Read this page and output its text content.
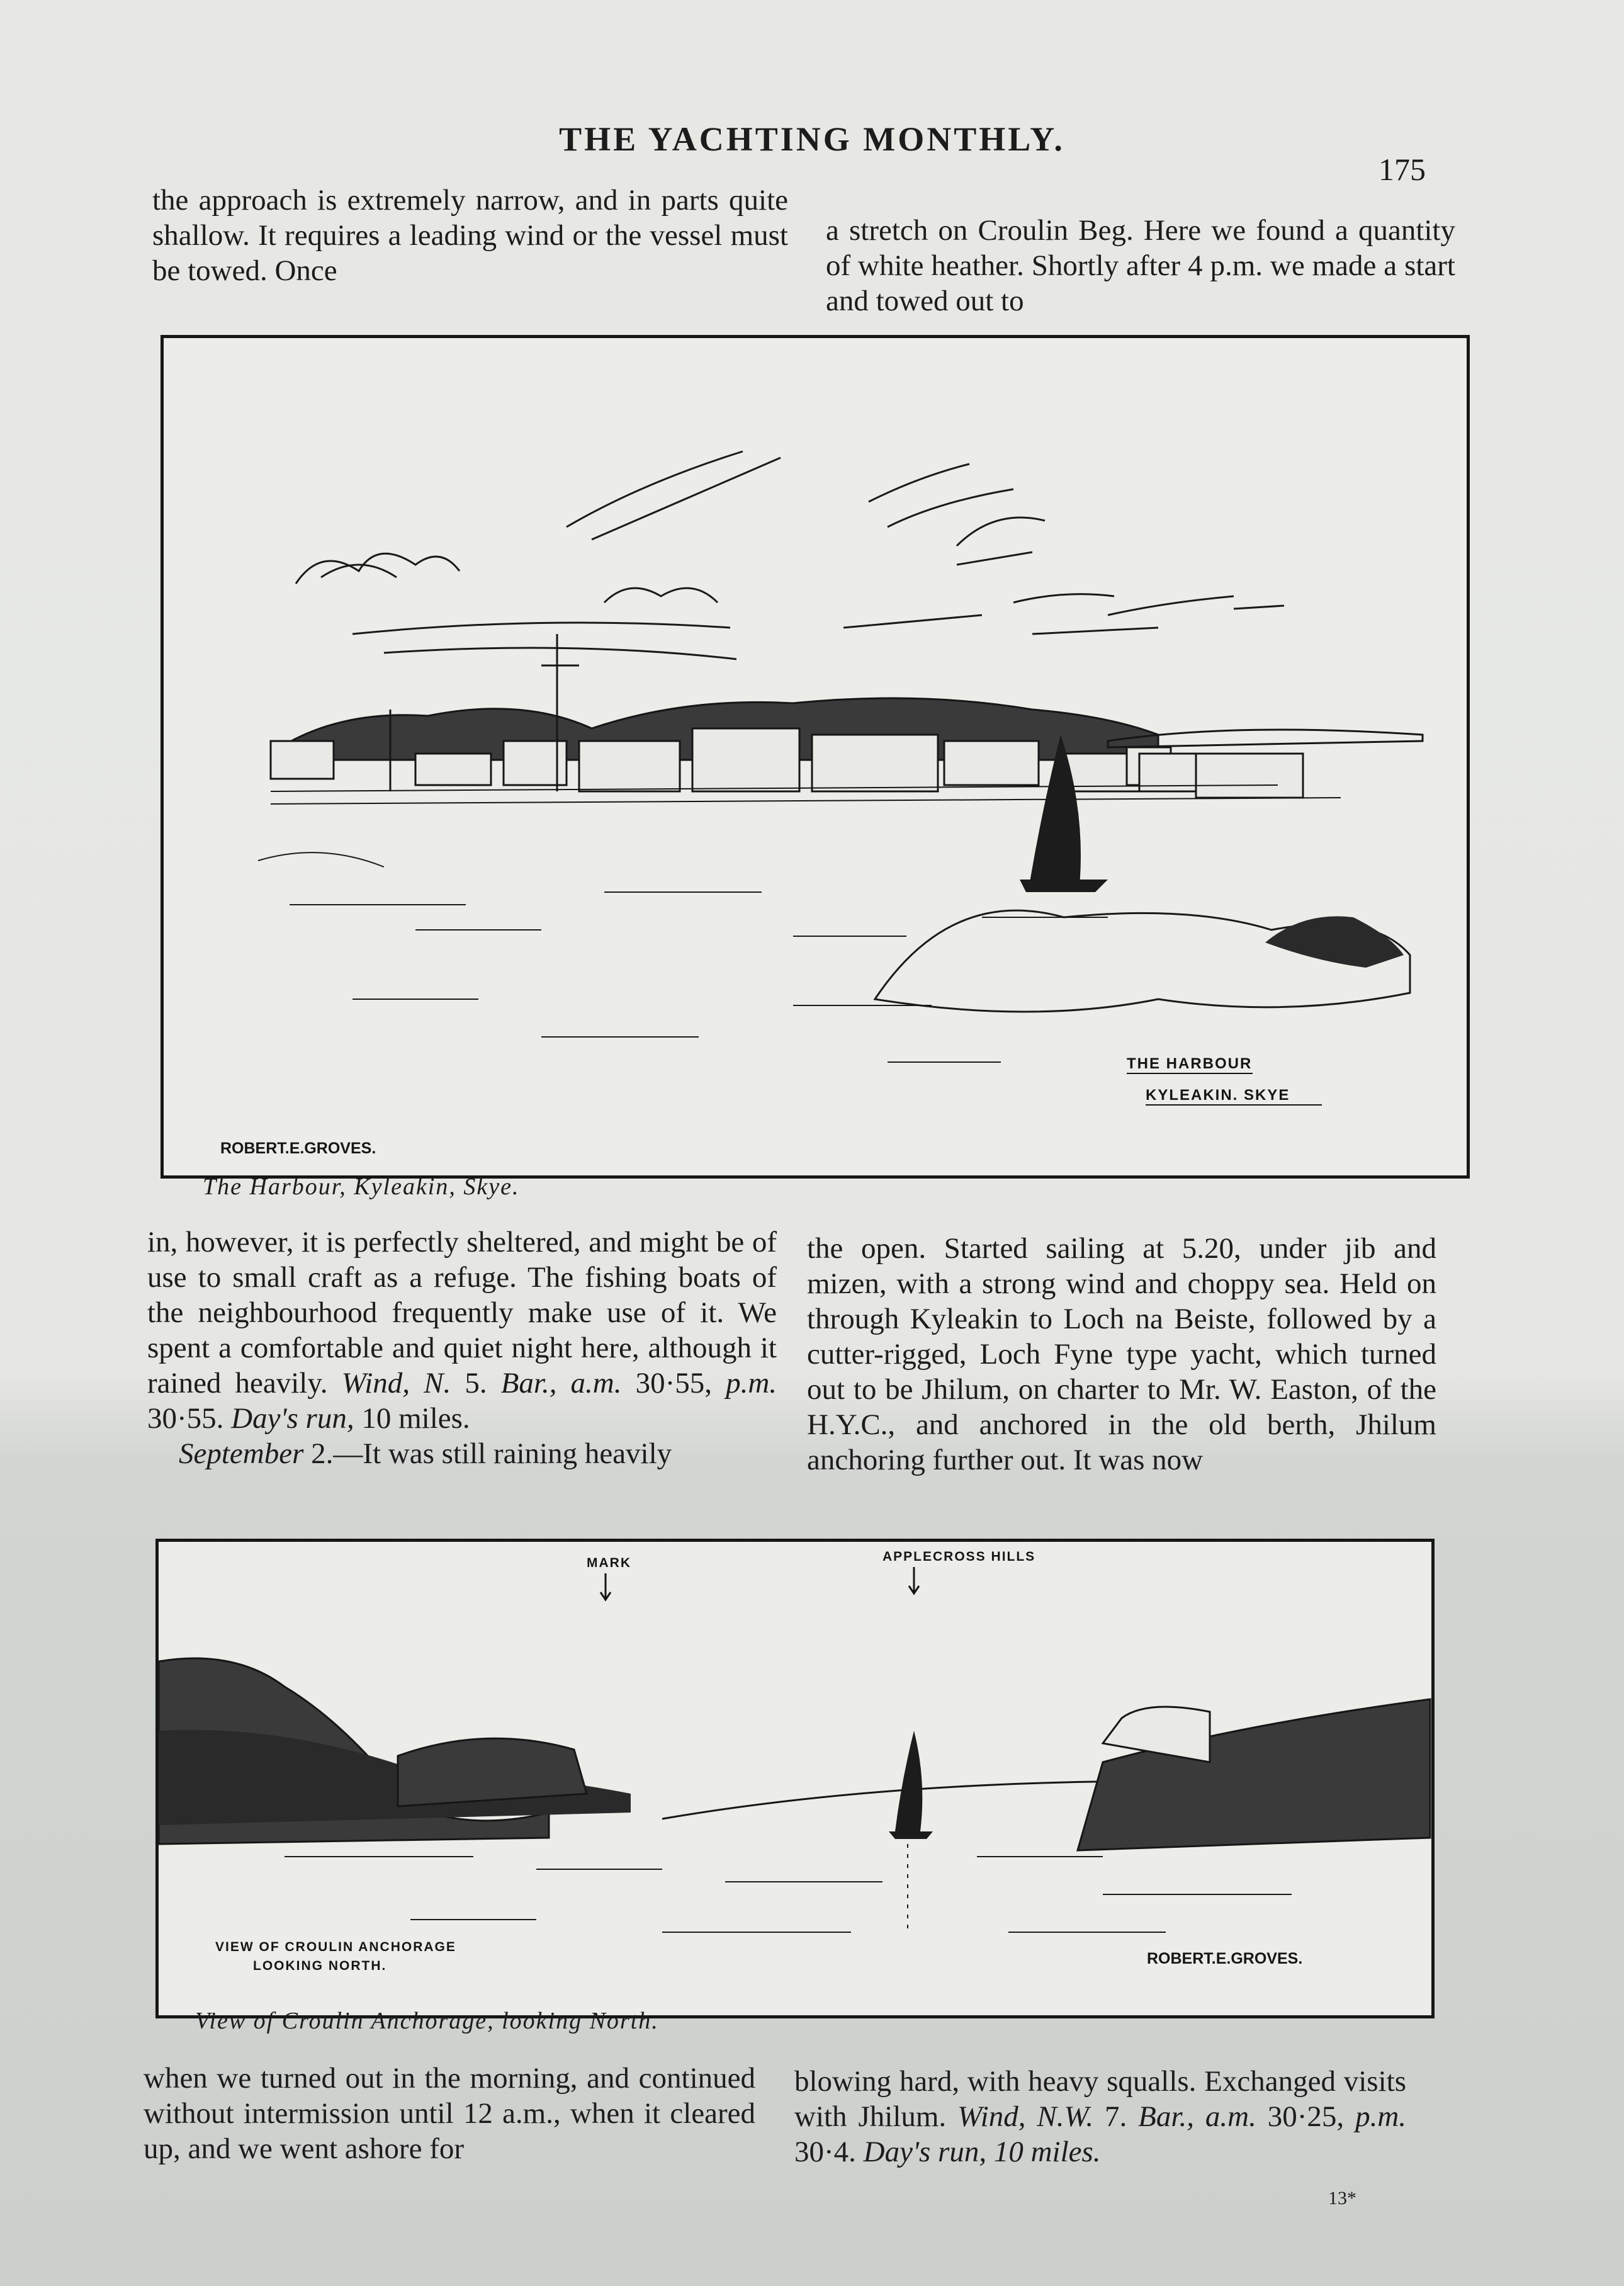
THE YACHTING MONTHLY.
175

the approach is extremely narrow, and in parts quite shallow. It requires a leading wind or the vessel must be towed. Once

a stretch on Croulin Beg. Here we found a quantity of white heather. Shortly after 4 p.m. we made a start and towed out to

THE HARBOUR
KYLEAKIN. SKYE
ROBERT.E.GROVES.
The Harbour, Kyleakin, Skye.

in, however, it is perfectly sheltered, and might be of use to small craft as a refuge. The fishing boats of the neighbourhood frequently make use of it. We spent a comfortable and quiet night here, although it rained heavily. Wind, N. 5. Bar., a.m. 30·55, p.m. 30·55. Day's run, 10 miles.

September 2.—It was still raining heavily

the open. Started sailing at 5.20, under jib and mizen, with a strong wind and choppy sea. Held on through Kyleakin to Loch na Beiste, followed by a cutter-rigged, Loch Fyne type yacht, which turned out to be Jhilum, on charter to Mr. W. Easton, of the H.Y.C., and anchored in the old berth, Jhilum anchoring further out. It was now

MARK	APPLECROSS HILLS
VIEW OF CROULIN ANCHORAGE
LOOKING NORTH.	ROBERT.E.GROVES.
View of Croulin Anchorage, looking North.

when we turned out in the morning, and continued without intermission until 12 a.m., when it cleared up, and we went ashore for

blowing hard, with heavy squalls. Exchanged visits with Jhilum. Wind, N.W. 7. Bar., a.m. 30·25, p.m. 30·4. Day's run, 10 miles.

13*
